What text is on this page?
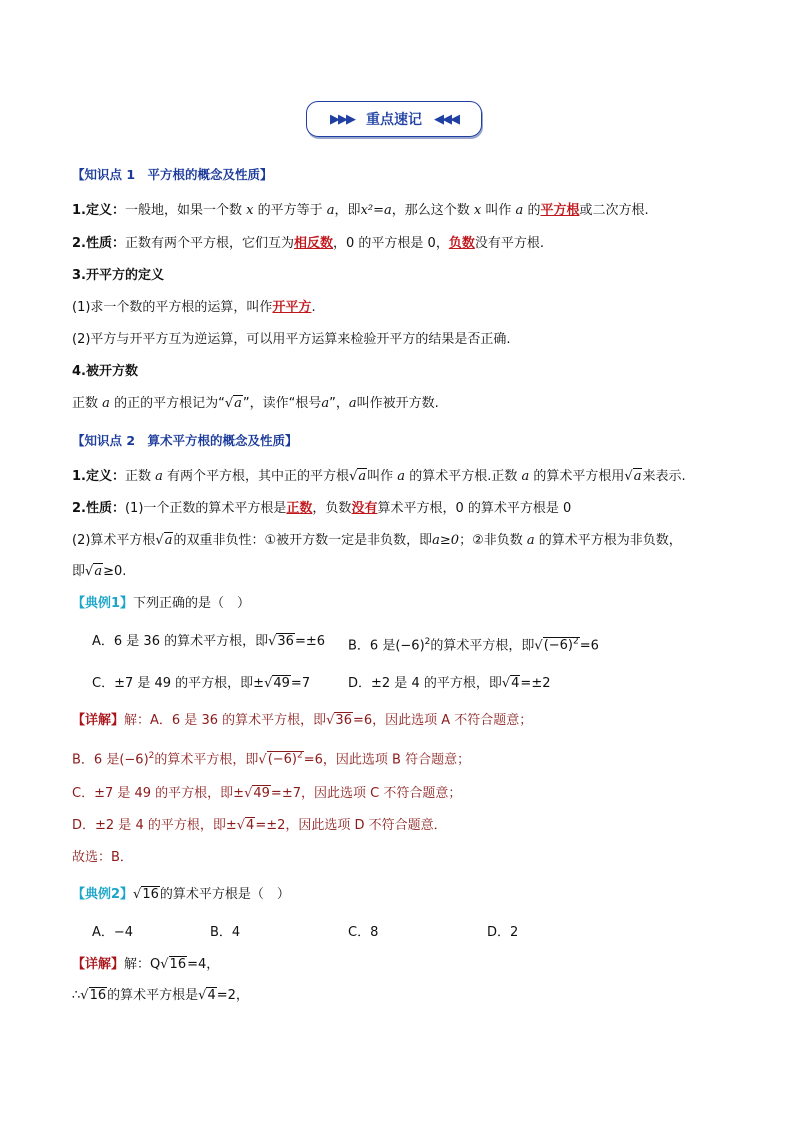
▶▶▶ 重点速记 ◀◀◀
【知识点 1　平方根的概念及性质】
1.定义：一般地，如果一个数 x 的平方等于 a，即x²=a，那么这个数 x 叫作 a 的平方根或二次方根.
2.性质：正数有两个平方根，它们互为相反数，0 的平方根是 0，负数没有平方根.
3.开平方的定义
(1)求一个数的平方根的运算，叫作开平方.
(2)平方与开平方互为逆运算，可以用平方运算来检验开平方的结果是否正确.
4.被开方数
正数 a 的正的平方根记为“√a”，读作“根号a”，a叫作被开方数.
【知识点 2　算术平方根的概念及性质】
1.定义：正数 a 有两个平方根，其中正的平方根√a叫作 a 的算术平方根.正数 a 的算术平方根用√a来表示.
2.性质：(1)一个正数的算术平方根是正数，负数没有算术平方根，0 的算术平方根是 0
(2)算术平方根√a的双重非负性：①被开方数一定是非负数，即a≥0；②非负数 a 的算术平方根为非负数，
即√a≥0.
【典例1】下列正确的是（　）
A．6 是 36 的算术平方根，即√36=±6 B．6 是$(-6)^2$的算术平方根，即$√(-6)^2=6$
C．±7 是 49 的平方根，即±√49=7	D．±2 是 4 的平方根，即√4=±2
【详解】解：A．6 是 36 的算术平方根，即√36=6，因此选项 A 不符合题意；
B．6 是$(-6)^2$的算术平方根，即$√(-6)^2=6$，因此选项 B 符合题意；
C．±7 是 49 的平方根，即±√49=±7，因此选项 C 不符合题意；
D．±2 是 4 的平方根，即±√4=±2，因此选项 D 不符合题意．
故选：B．
【典例2】√16的算术平方根是（　）
A．−4	B．4	C．8	D．2
【详解】解：Q√16=4，
∴√16的算术平方根是√4=2，
